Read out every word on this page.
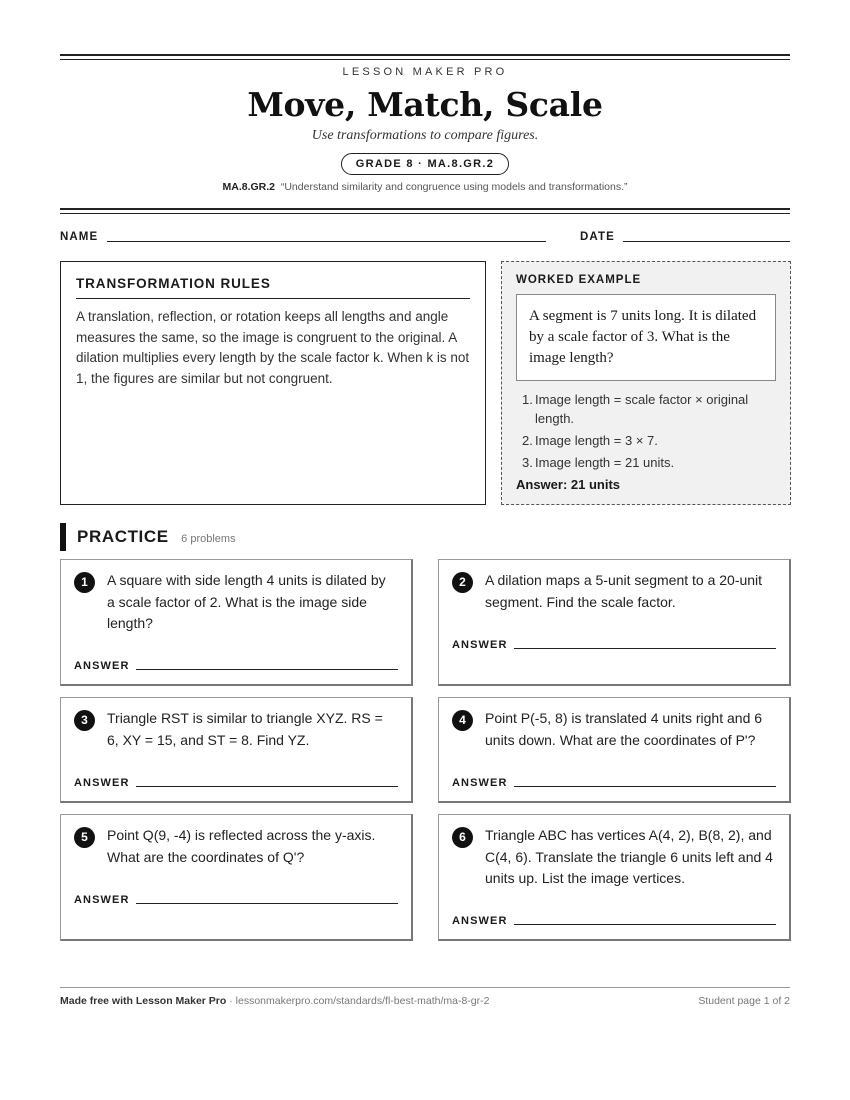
LESSON MAKER PRO
Move, Match, Scale
Use transformations to compare figures.
GRADE 8 · MA.8.GR.2
MA.8.GR.2 “Understand similarity and congruence using models and transformations.”
NAME	DATE
TRANSFORMATION RULES
A translation, reflection, or rotation keeps all lengths and angle measures the same, so the image is congruent to the original. A dilation multiplies every length by the scale factor k. When k is not 1, the figures are similar but not congruent.
WORKED EXAMPLE
A segment is 7 units long. It is dilated by a scale factor of 3. What is the image length?
1. Image length = scale factor × original length.
2. Image length = 3 × 7.
3. Image length = 21 units.
Answer: 21 units
PRACTICE 6 problems
1	A square with side length 4 units is dilated by a scale factor of 2. What is the image side length?
ANSWER
2	A dilation maps a 5-unit segment to a 20-unit segment. Find the scale factor.
ANSWER
3	Triangle RST is similar to triangle XYZ. RS = 6, XY = 15, and ST = 8. Find YZ.
ANSWER
4	Point P(-5, 8) is translated 4 units right and 6 units down. What are the coordinates of P'?
ANSWER
5	Point Q(9, -4) is reflected across the y-axis. What are the coordinates of Q'?
ANSWER
6	Triangle ABC has vertices A(4, 2), B(8, 2), and C(4, 6). Translate the triangle 6 units left and 4 units up. List the image vertices.
ANSWER
Made free with Lesson Maker Pro · lessonmakerpro.com/standards/fl-best-math/ma-8-gr-2	Student page 1 of 2
